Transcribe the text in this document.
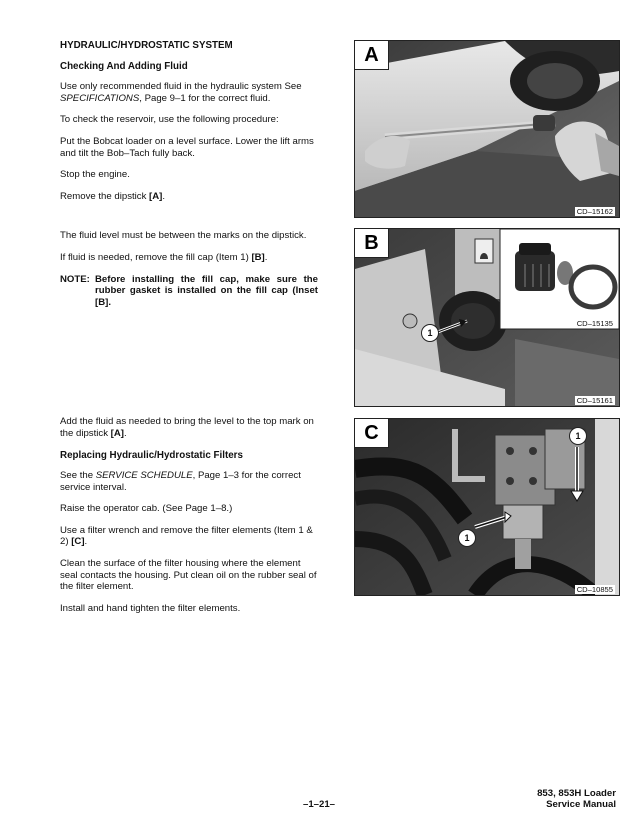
HYDRAULIC/HYDROSTATIC SYSTEM

Checking And Adding Fluid

Use only recommended fluid in the hydraulic system See SPECIFICATIONS, Page 9–1 for the correct fluid.

To check the reservoir, use the following procedure:

Put the Bobcat loader on a level surface. Lower the lift arms and tilt the Bob–Tach fully back.

Stop the engine.

Remove the dipstick [A].

The fluid level must be between the marks on the dipstick.

If fluid is needed, remove the fill cap (Item 1) [B].

NOTE: Before installing the fill cap, make sure the rubber gasket is installed on the fill cap (Inset [B].

Add the fluid as needed to bring the level to the top mark on the dipstick [A].

Replacing Hydraulic/Hydrostatic Filters

See the SERVICE SCHEDULE, Page 1–3 for the correct service interval.

Raise the operator cab. (See Page 1–8.)

Use a filter wrench and remove the filter elements (Item 1 & 2) [C].

Clean the surface of the filter housing where the element seal contacts the housing. Put clean oil on the rubber seal of the filter element.

Install and hand tighten the filter elements.

A
CD–15162
B
CD–15135
CD–15161
1
C
CD–10855
1
1
853, 853H Loader
Service Manual
–1–21–
